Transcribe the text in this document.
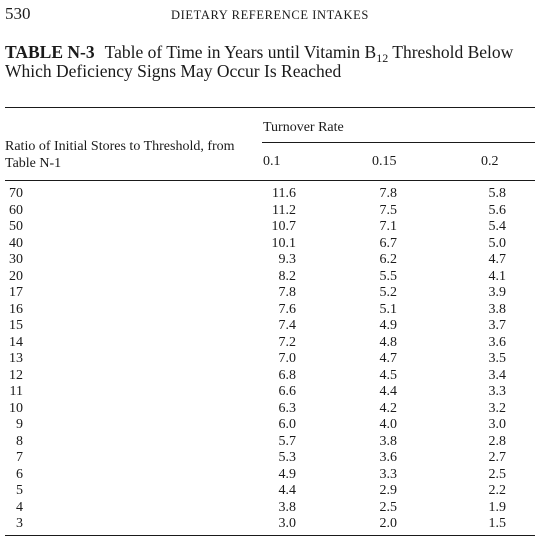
530	DIETARY REFERENCE INTAKES
TABLE N-3 Table of Time in Years until Vitamin $B_{12}$ Threshold Below Which Deficiency Signs May Occur Is Reached
Turnover Rate
Ratio of Initial Stores to Threshold, from Table N-1	0.1	0.15	0.2
70	11.6	7.8	5.8
60	11.2	7.5	5.6
50	10.7	7.1	5.4
40	10.1	6.7	5.0
30	9.3	6.2	4.7
20	8.2	5.5	4.1
17	7.8	5.2	3.9
16	7.6	5.1	3.8
15	7.4	4.9	3.7
14	7.2	4.8	3.6
13	7.0	4.7	3.5
12	6.8	4.5	3.4
11	6.6	4.4	3.3
10	6.3	4.2	3.2
9	6.0	4.0	3.0
8	5.7	3.8	2.8
7	5.3	3.6	2.7
6	4.9	3.3	2.5
5	4.4	2.9	2.2
4	3.8	2.5	1.9
3	3.0	2.0	1.5
